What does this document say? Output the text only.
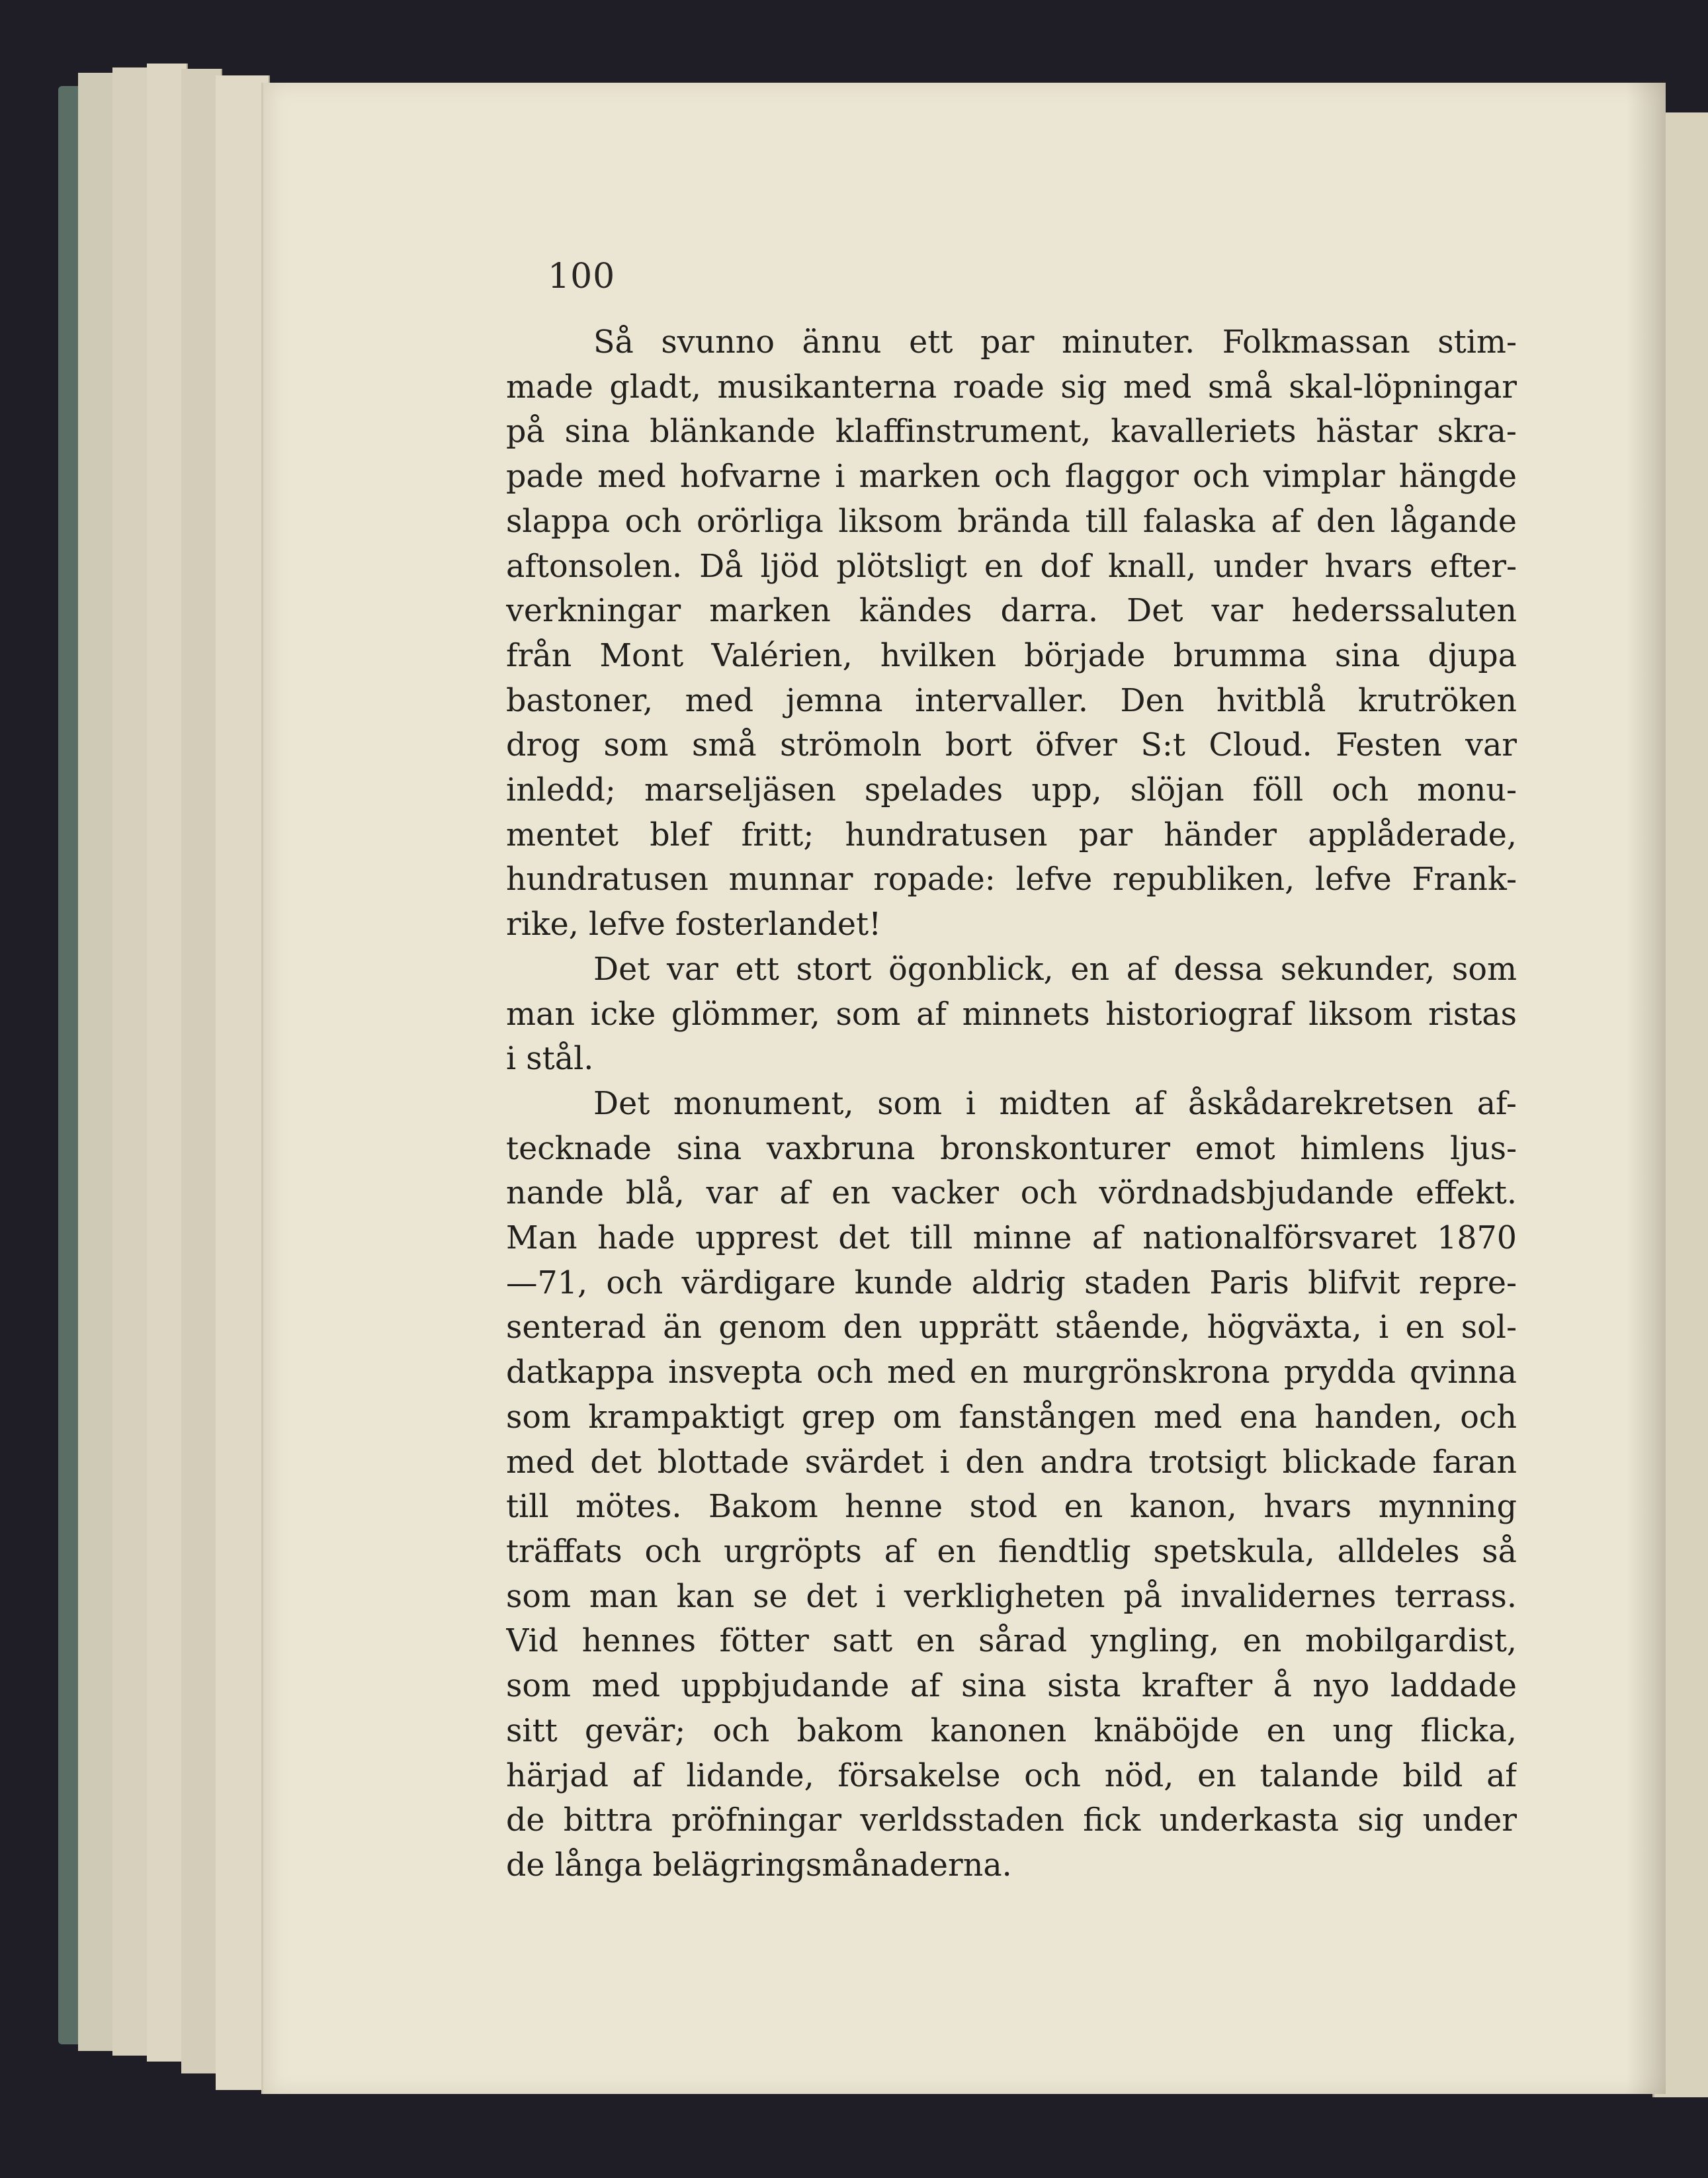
100

Så svunno ännu ett par minuter. Folkmassan stim-
made gladt, musikanterna roade sig med små skal-löpningar
på sina blänkande klaffinstrument, kavalleriets hästar skra-
pade med hofvarne i marken och flaggor och vimplar hängde
slappa och orörliga liksom brända till falaska af den lågande
aftonsolen. Då ljöd plötsligt en dof knall, under hvars efter-
verkningar marken kändes darra. Det var hederssaluten
från Mont Valérien, hvilken började brumma sina djupa
bastoner, med jemna intervaller. Den hvitblå krutröken
drog som små strömoln bort öfver S:t Cloud. Festen var
inledd; marseljäsen spelades upp, slöjan föll och monu-
mentet blef fritt; hundratusen par händer applåderade,
hundratusen munnar ropade: lefve republiken, lefve Frank-
rike, lefve fosterlandet!

Det var ett stort ögonblick, en af dessa sekunder, som
man icke glömmer, som af minnets historiograf liksom ristas
i stål.

Det monument, som i midten af åskådarekretsen af-
tecknade sina vaxbruna bronskonturer emot himlens ljus-
nande blå, var af en vacker och vördnadsbjudande effekt.
Man hade upprest det till minne af nationalförsvaret 1870
—71, och värdigare kunde aldrig staden Paris blifvit repre-
senterad än genom den upprätt stående, högväxta, i en sol-
datkappa insvepta och med en murgrönskrona prydda qvinna
som krampaktigt grep om fanstången med ena handen, och
med det blottade svärdet i den andra trotsigt blickade faran
till mötes. Bakom henne stod en kanon, hvars mynning
träffats och urgröpts af en fiendtlig spetskula, alldeles så
som man kan se det i verkligheten på invalidernes terrass.
Vid hennes fötter satt en sårad yngling, en mobilgardist,
som med uppbjudande af sina sista krafter å nyo laddade
sitt gevär; och bakom kanonen knäböjde en ung flicka,
härjad af lidande, försakelse och nöd, en talande bild af
de bittra pröfningar verldsstaden fick underkasta sig under
de långa belägringsmånaderna.
